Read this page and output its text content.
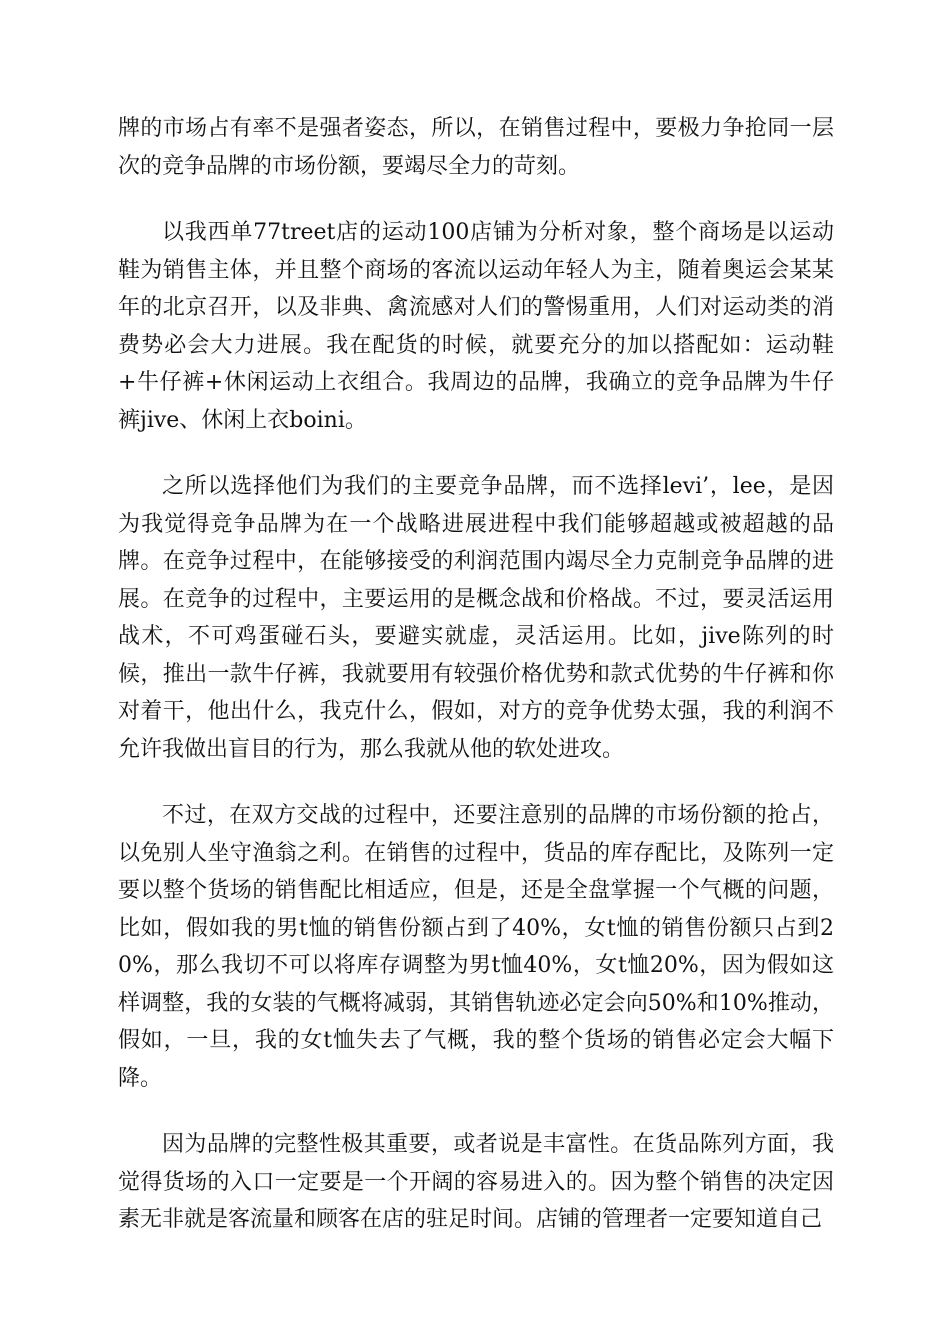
牌的市场占有率不是强者姿态，所以，在销售过程中，要极力争抢同一层次的竞争品牌的市场份额，要竭尽全力的苛刻。

以我西单77treet店的运动100店铺为分析对象，整个商场是以运动鞋为销售主体，并且整个商场的客流以运动年轻人为主，随着奥运会某某年的北京召开，以及非典、禽流感对人们的警惕重用，人们对运动类的消费势必会大力进展。我在配货的时候，就要充分的加以搭配如：运动鞋+牛仔裤+休闲运动上衣组合。我周边的品牌，我确立的竞争品牌为牛仔裤jive、休闲上衣boini。

之所以选择他们为我们的主要竞争品牌，而不选择levi’，lee，是因为我觉得竞争品牌为在一个战略进展进程中我们能够超越或被超越的品牌。在竞争过程中，在能够接受的利润范围内竭尽全力克制竞争品牌的进展。在竞争的过程中，主要运用的是概念战和价格战。不过，要灵活运用战术，不可鸡蛋碰石头，要避实就虚，灵活运用。比如，jive陈列的时候，推出一款牛仔裤，我就要用有较强价格优势和款式优势的牛仔裤和你对着干，他出什么，我克什么，假如，对方的竞争优势太强，我的利润不允许我做出盲目的行为，那么我就从他的软处进攻。

不过，在双方交战的过程中，还要注意别的品牌的市场份额的抢占，以免别人坐守渔翁之利。在销售的过程中，货品的库存配比，及陈列一定要以整个货场的销售配比相适应，但是，还是全盘掌握一个气概的问题，比如，假如我的男t恤的销售份额占到了40%，女t恤的销售份额只占到20%，那么我切不可以将库存调整为男t恤40%，女t恤20%，因为假如这样调整，我的女装的气概将减弱，其销售轨迹必定会向50%和10%推动，假如，一旦，我的女t恤失去了气概，我的整个货场的销售必定会大幅下降。

因为品牌的完整性极其重要，或者说是丰富性。在货品陈列方面，我觉得货场的入口一定要是一个开阔的容易进入的。因为整个销售的决定因素无非就是客流量和顾客在店的驻足时间。店铺的管理者一定要知道自己
